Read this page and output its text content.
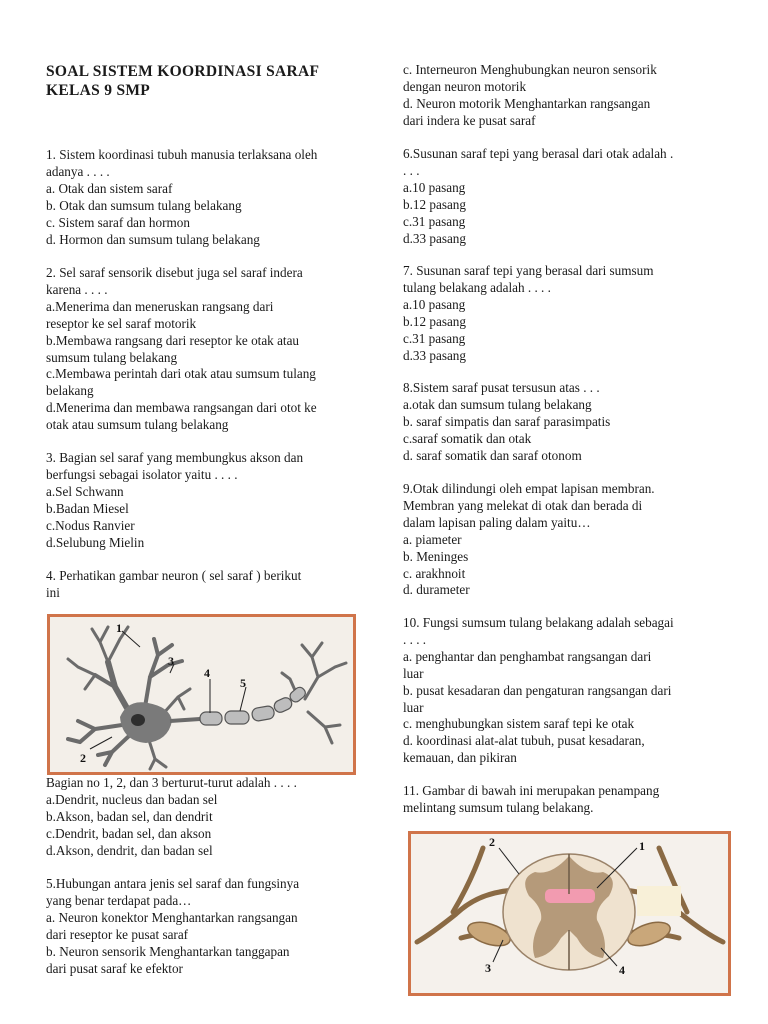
SOAL SISTEM KOORDINASI SARAF
KELAS 9 SMP
1. Sistem koordinasi tubuh manusia terlaksana oleh
adanya . . . .
a. Otak dan sistem saraf
b. Otak dan sumsum tulang belakang
c. Sistem saraf dan hormon
d. Hormon dan sumsum tulang belakang
2. Sel saraf sensorik disebut juga sel saraf indera
karena . . . .
a.Menerima dan meneruskan rangsang dari
reseptor ke sel saraf motorik
b.Membawa rangsang dari reseptor ke otak atau
sumsum tulang belakang
c.Membawa perintah dari otak atau sumsum tulang
belakang
d.Menerima dan membawa rangsangan dari otot ke
otak atau sumsum tulang belakang
3. Bagian sel saraf yang membungkus akson dan
berfungsi sebagai isolator yaitu . . . .
a.Sel Schwann
b.Badan Miesel
c.Nodus Ranvier
d.Selubung Mielin
4. Perhatikan gambar neuron ( sel saraf ) berikut
ini
Bagian no 1, 2, dan 3 berturut-turut adalah . . . .
a.Dendrit, nucleus dan badan sel
b.Akson, badan sel, dan dendrit
c.Dendrit, badan sel, dan akson
d.Akson, dendrit, dan badan sel
5.Hubungan antara jenis sel saraf dan fungsinya
yang benar terdapat pada…
a. Neuron konektor Menghantarkan rangsangan
dari reseptor ke pusat saraf
b. Neuron sensorik Menghantarkan tanggapan
dari pusat saraf ke efektor
c. Interneuron Menghubungkan neuron sensorik
dengan neuron motorik
d. Neuron motorik Menghantarkan rangsangan
dari indera ke pusat saraf
6.Susunan saraf tepi yang berasal dari otak adalah .
. . .
a.10 pasang
b.12 pasang
c.31 pasang
d.33 pasang
7. Susunan saraf tepi yang berasal dari sumsum
tulang belakang adalah . . . .
a.10 pasang
b.12 pasang
c.31 pasang
d.33 pasang
8.Sistem saraf pusat tersusun atas . . .
a.otak dan sumsum tulang belakang
b. saraf simpatis dan saraf parasimpatis
c.saraf somatik dan otak
d. saraf somatik dan saraf otonom
9.Otak dilindungi oleh empat lapisan membran.
Membran yang melekat di otak dan berada di
dalam lapisan paling dalam yaitu…
a. piameter
b. Meninges
c. arakhnoit
d. durameter
10. Fungsi sumsum tulang belakang adalah sebagai
. . . .
a. penghantar dan penghambat rangsangan dari
luar
b. pusat kesadaran dan pengaturan rangsangan dari
luar
c. menghubungkan sistem saraf tepi ke otak
d. koordinasi alat-alat tubuh, pusat kesadaran,
kemauan, dan pikiran
11. Gambar di bawah ini merupakan penampang
melintang sumsum tulang belakang.
1
2
3
4
5
1
2
3	4
